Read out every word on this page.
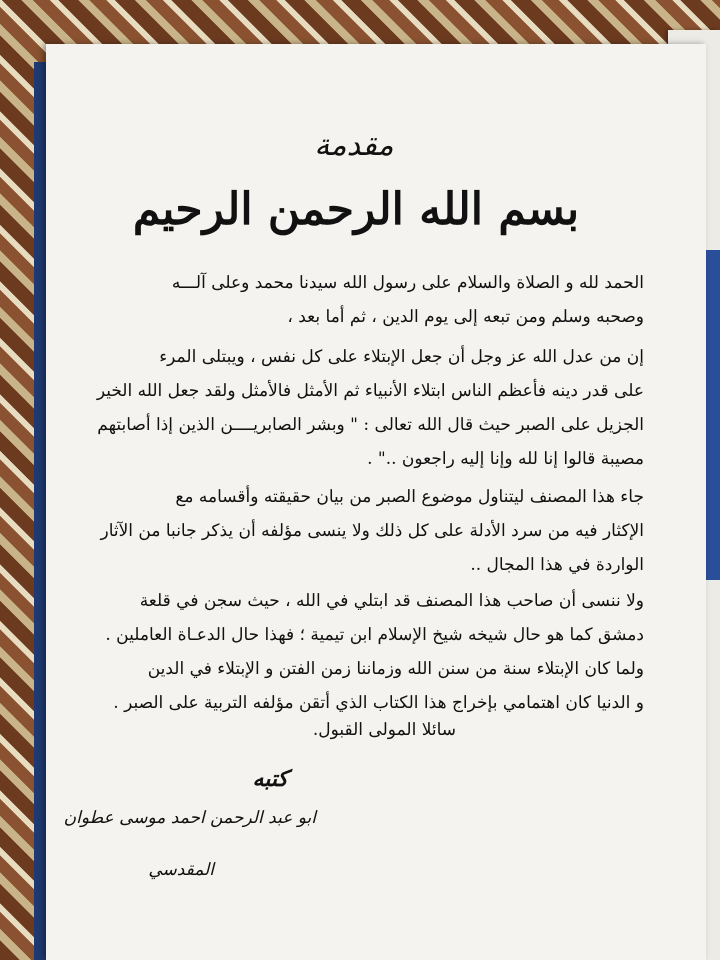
مقدمة
بسم الله الرحمن الرحيم
الحمد لله و الصلاة والسلام على رسول الله سيدنا محمد وعلى آلـــه
وصحبه وسلم ومن تبعه إلى يوم الدين ، ثم أما بعد ،
إن من عدل الله عز وجل أن جعل الإبتلاء على كل نفس ، ويبتلى المرء
على قدر دينه فأعظم الناس ابتلاء الأنبياء ثم الأمثل فالأمثل ولقد جعل الله الخير
الجزيل على الصبر حيث قال الله تعالى : " وبشر الصابريــــن الذين إذا أصابتهم
مصيبة قالوا إنا لله وإنا إليه راجعون .." .
جاء هذا المصنف ليتناول موضوع الصبر من بيان حقيقته وأقسامه مع
الإكثار فيه من سرد الأدلة على كل ذلك ولا ينسى مؤلفه أن يذكر جانبا من الآثار
الواردة في هذا المجال ..
ولا ننسى أن صاحب هذا المصنف قد ابتلي في الله ، حيث سجن في قلعة
دمشق كما هو حال شيخه شيخ الإسلام ابن تيمية ؛ فهذا حال الدعـاة العاملين .
ولما كان الإبتلاء سنة من سنن الله وزماننا زمن الفتن و الإبتلاء في الدين
و الدنيا كان اهتمامي بإخراج هذا الكتاب الذي أتقن مؤلفه التربية على الصبر .
سائلا المولى القبول.
كتبه
ابو عبد الرحمن احمد موسى عطوان
المقدسي
